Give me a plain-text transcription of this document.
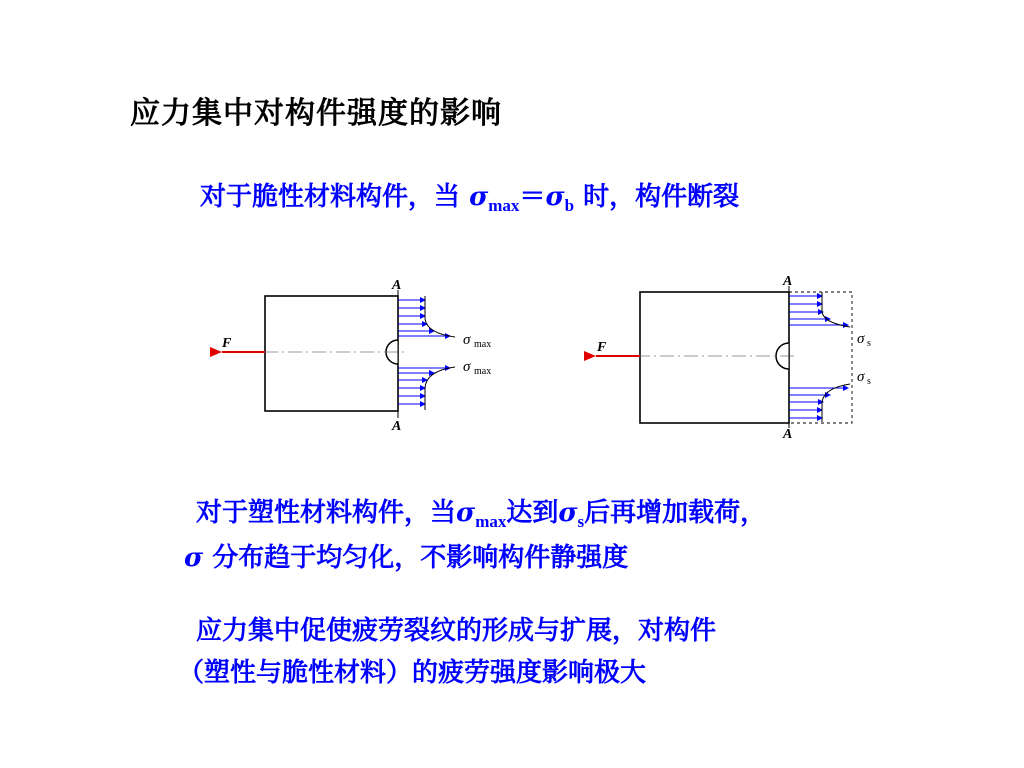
应力集中对构件强度的影响
对于脆性材料构件，当 $\sigma_{max}=\sigma_b$ 时，构件断裂
A
A
F	σ max
σ max
A
A
F
σ s
σ s
对于塑性材料构件，当$\sigma_{max}$达到$\sigma_s$后再增加载荷，
σ 分布趋于均匀化，不影响构件静强度
应力集中促使疲劳裂纹的形成与扩展，对构件
（塑性与脆性材料）的疲劳强度影响极大
